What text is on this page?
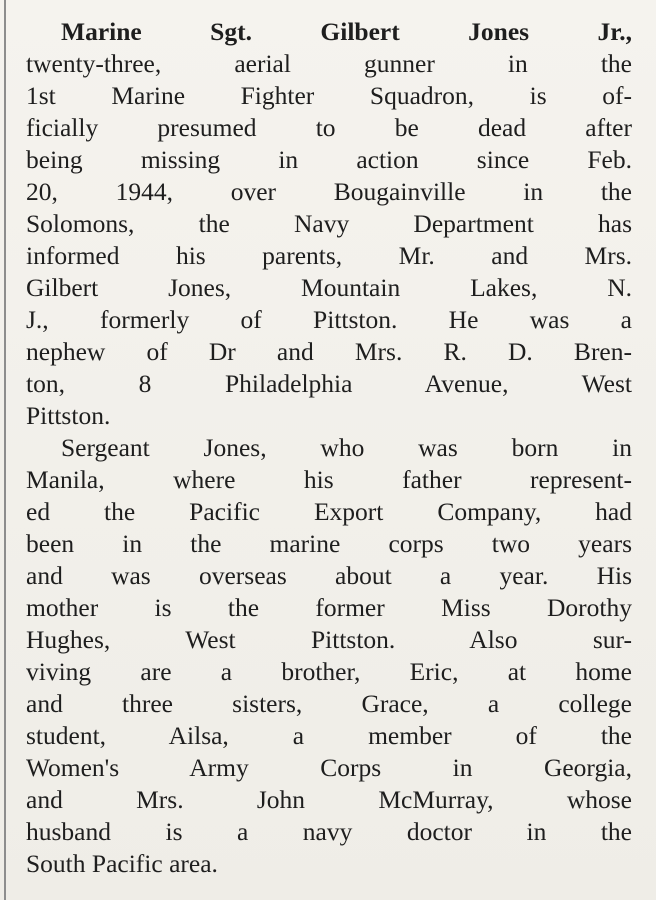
Marine Sgt. Gilbert Jones Jr.,
twenty-three, aerial gunner in the
1st Marine Fighter Squadron, is of-
ficially presumed to be dead after
being missing in action since Feb.
20, 1944, over Bougainville in the
Solomons, the Navy Department has
informed his parents, Mr. and Mrs.
Gilbert Jones, Mountain Lakes, N.
J., formerly of Pittston. He was a
nephew of Dr and Mrs. R. D. Bren-
ton, 8 Philadelphia Avenue, West
Pittston.
Sergeant Jones, who was born in
Manila, where his father represent-
ed the Pacific Export Company, had
been in the marine corps two years
and was overseas about a year. His
mother is the former Miss Dorothy
Hughes, West Pittston. Also sur-
viving are a brother, Eric, at home
and three sisters, Grace, a college
student, Ailsa, a member of the
Women's Army Corps in Georgia,
and Mrs. John McMurray, whose
husband is a navy doctor in the
South Pacific area.
